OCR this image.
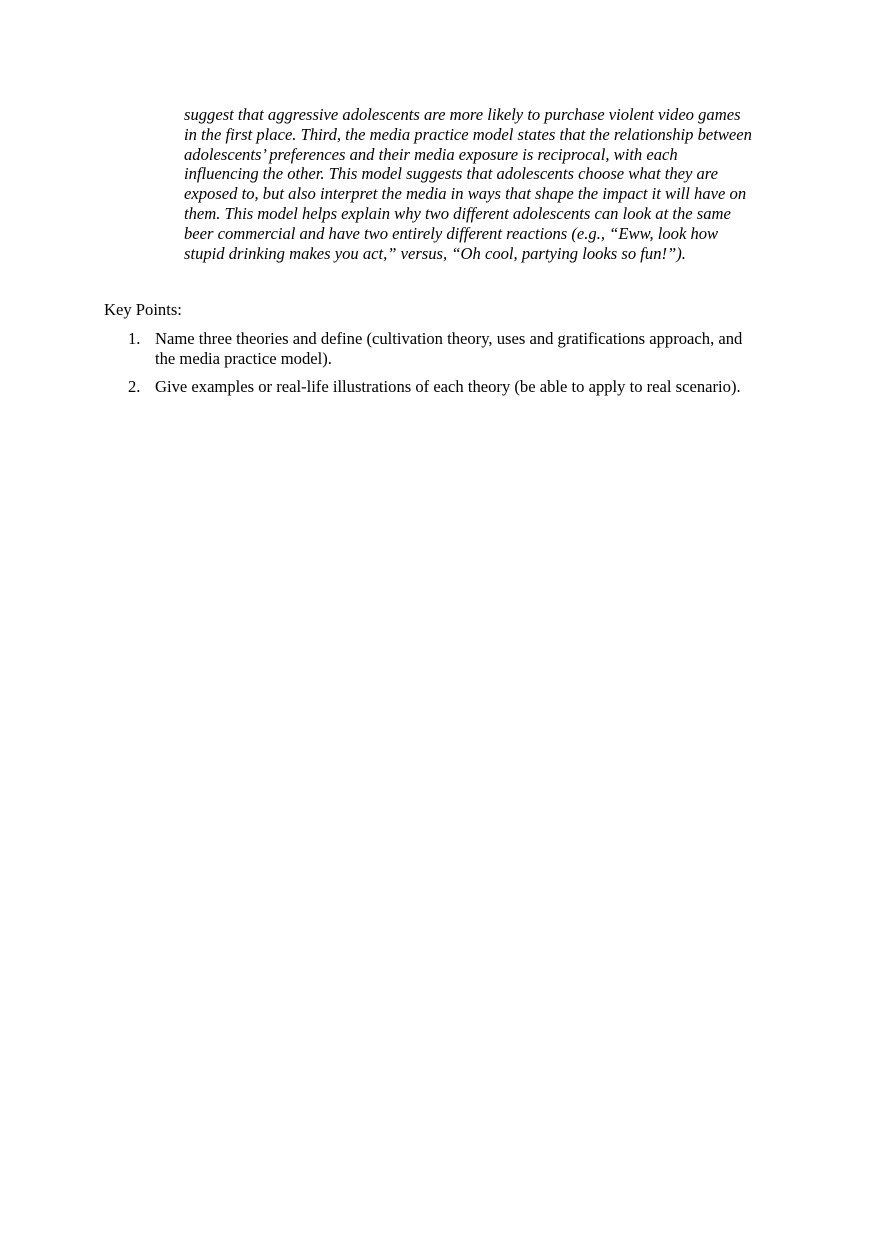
suggest that aggressive adolescents are more likely to purchase violent video games
in the first place. Third, the media practice model states that the relationship between
adolescents’ preferences and their media exposure is reciprocal, with each
influencing the other. This model suggests that adolescents choose what they are
exposed to, but also interpret the media in ways that shape the impact it will have on
them. This model helps explain why two different adolescents can look at the same
beer commercial and have two entirely different reactions (e.g., “Eww, look how
stupid drinking makes you act,” versus, “Oh cool, partying looks so fun!”).
Key Points:
1. Name three theories and define (cultivation theory, uses and gratifications approach, and
the media practice model).
2. Give examples or real-life illustrations of each theory (be able to apply to real scenario).
